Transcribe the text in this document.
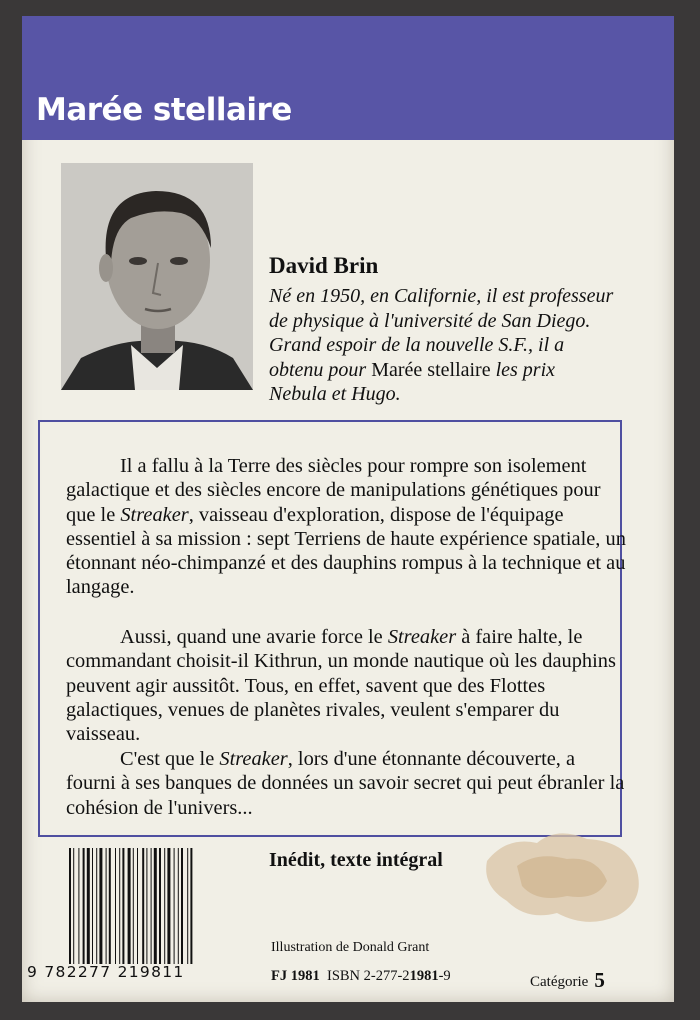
Marée stellaire
David Brin
Né en 1950, en Californie, il est professeur
de physique à l'université de San Diego.
Grand espoir de la nouvelle S.F., il a
obtenu pour Marée stellaire les prix
Nebula et Hugo.

Il a fallu à la Terre des siècles pour rompre son isolement galactique et des siècles encore de manipulations génétiques pour que le Streaker, vaisseau d'exploration, dispose de l'équipage essentiel à sa mission : sept Terriens de haute expérience spatiale, un étonnant néo-chimpanzé et des dauphins rompus à la technique et au langage.

Aussi, quand une avarie force le Streaker à faire halte, le commandant choisit-il Kithrun, un monde nautique où les dauphins peuvent agir aussitôt. Tous, en effet, savent que des Flottes galactiques, venues de planètes rivales, veulent s'emparer du vaisseau.

C'est que le Streaker, lors d'une étonnante découverte, a fourni à ses banques de données un savoir secret qui peut ébranler la cohésion de l'univers...

9 782277 219811
Inédit, texte intégral
Illustration de Donald Grant
FJ 1981 ISBN 2-277-21981-9	Catégorie 5
